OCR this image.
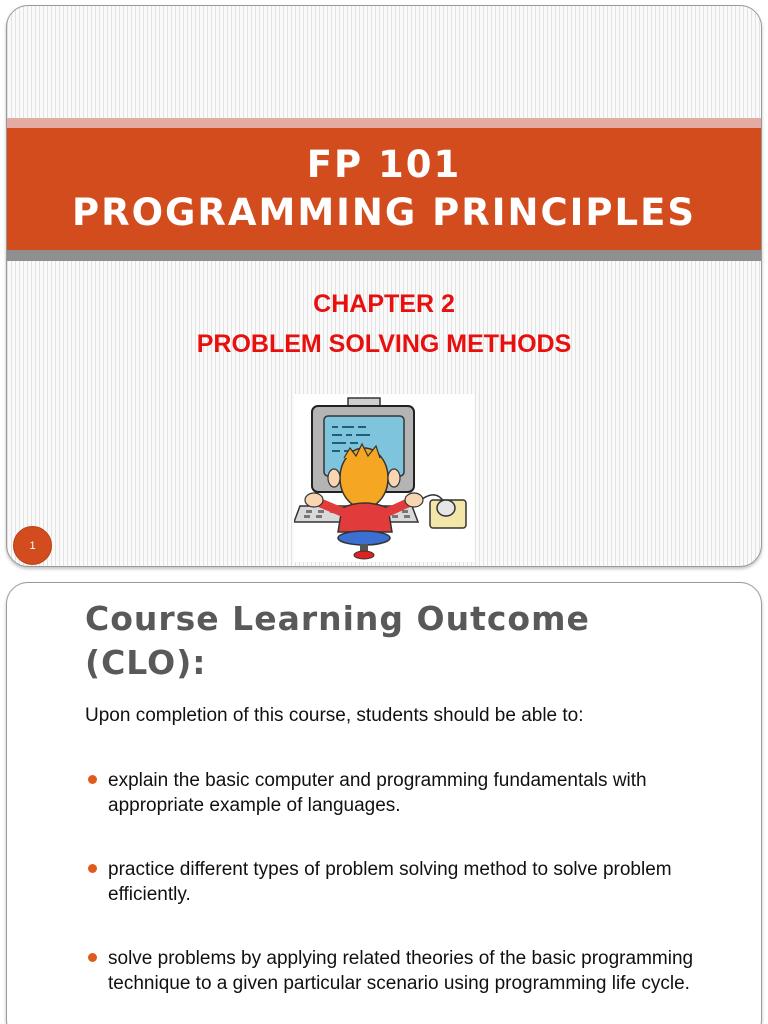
FP 101
PROGRAMMING PRINCIPLES
CHAPTER 2
PROBLEM SOLVING METHODS
1
Course Learning Outcome
(CLO):
Upon completion of this course, students should be able to:
explain the basic computer and programming fundamentals with appropriate example of languages.
practice different types of problem solving method to solve problem efficiently.
solve problems by applying related theories of the basic programming technique to a given particular scenario using programming life cycle.
